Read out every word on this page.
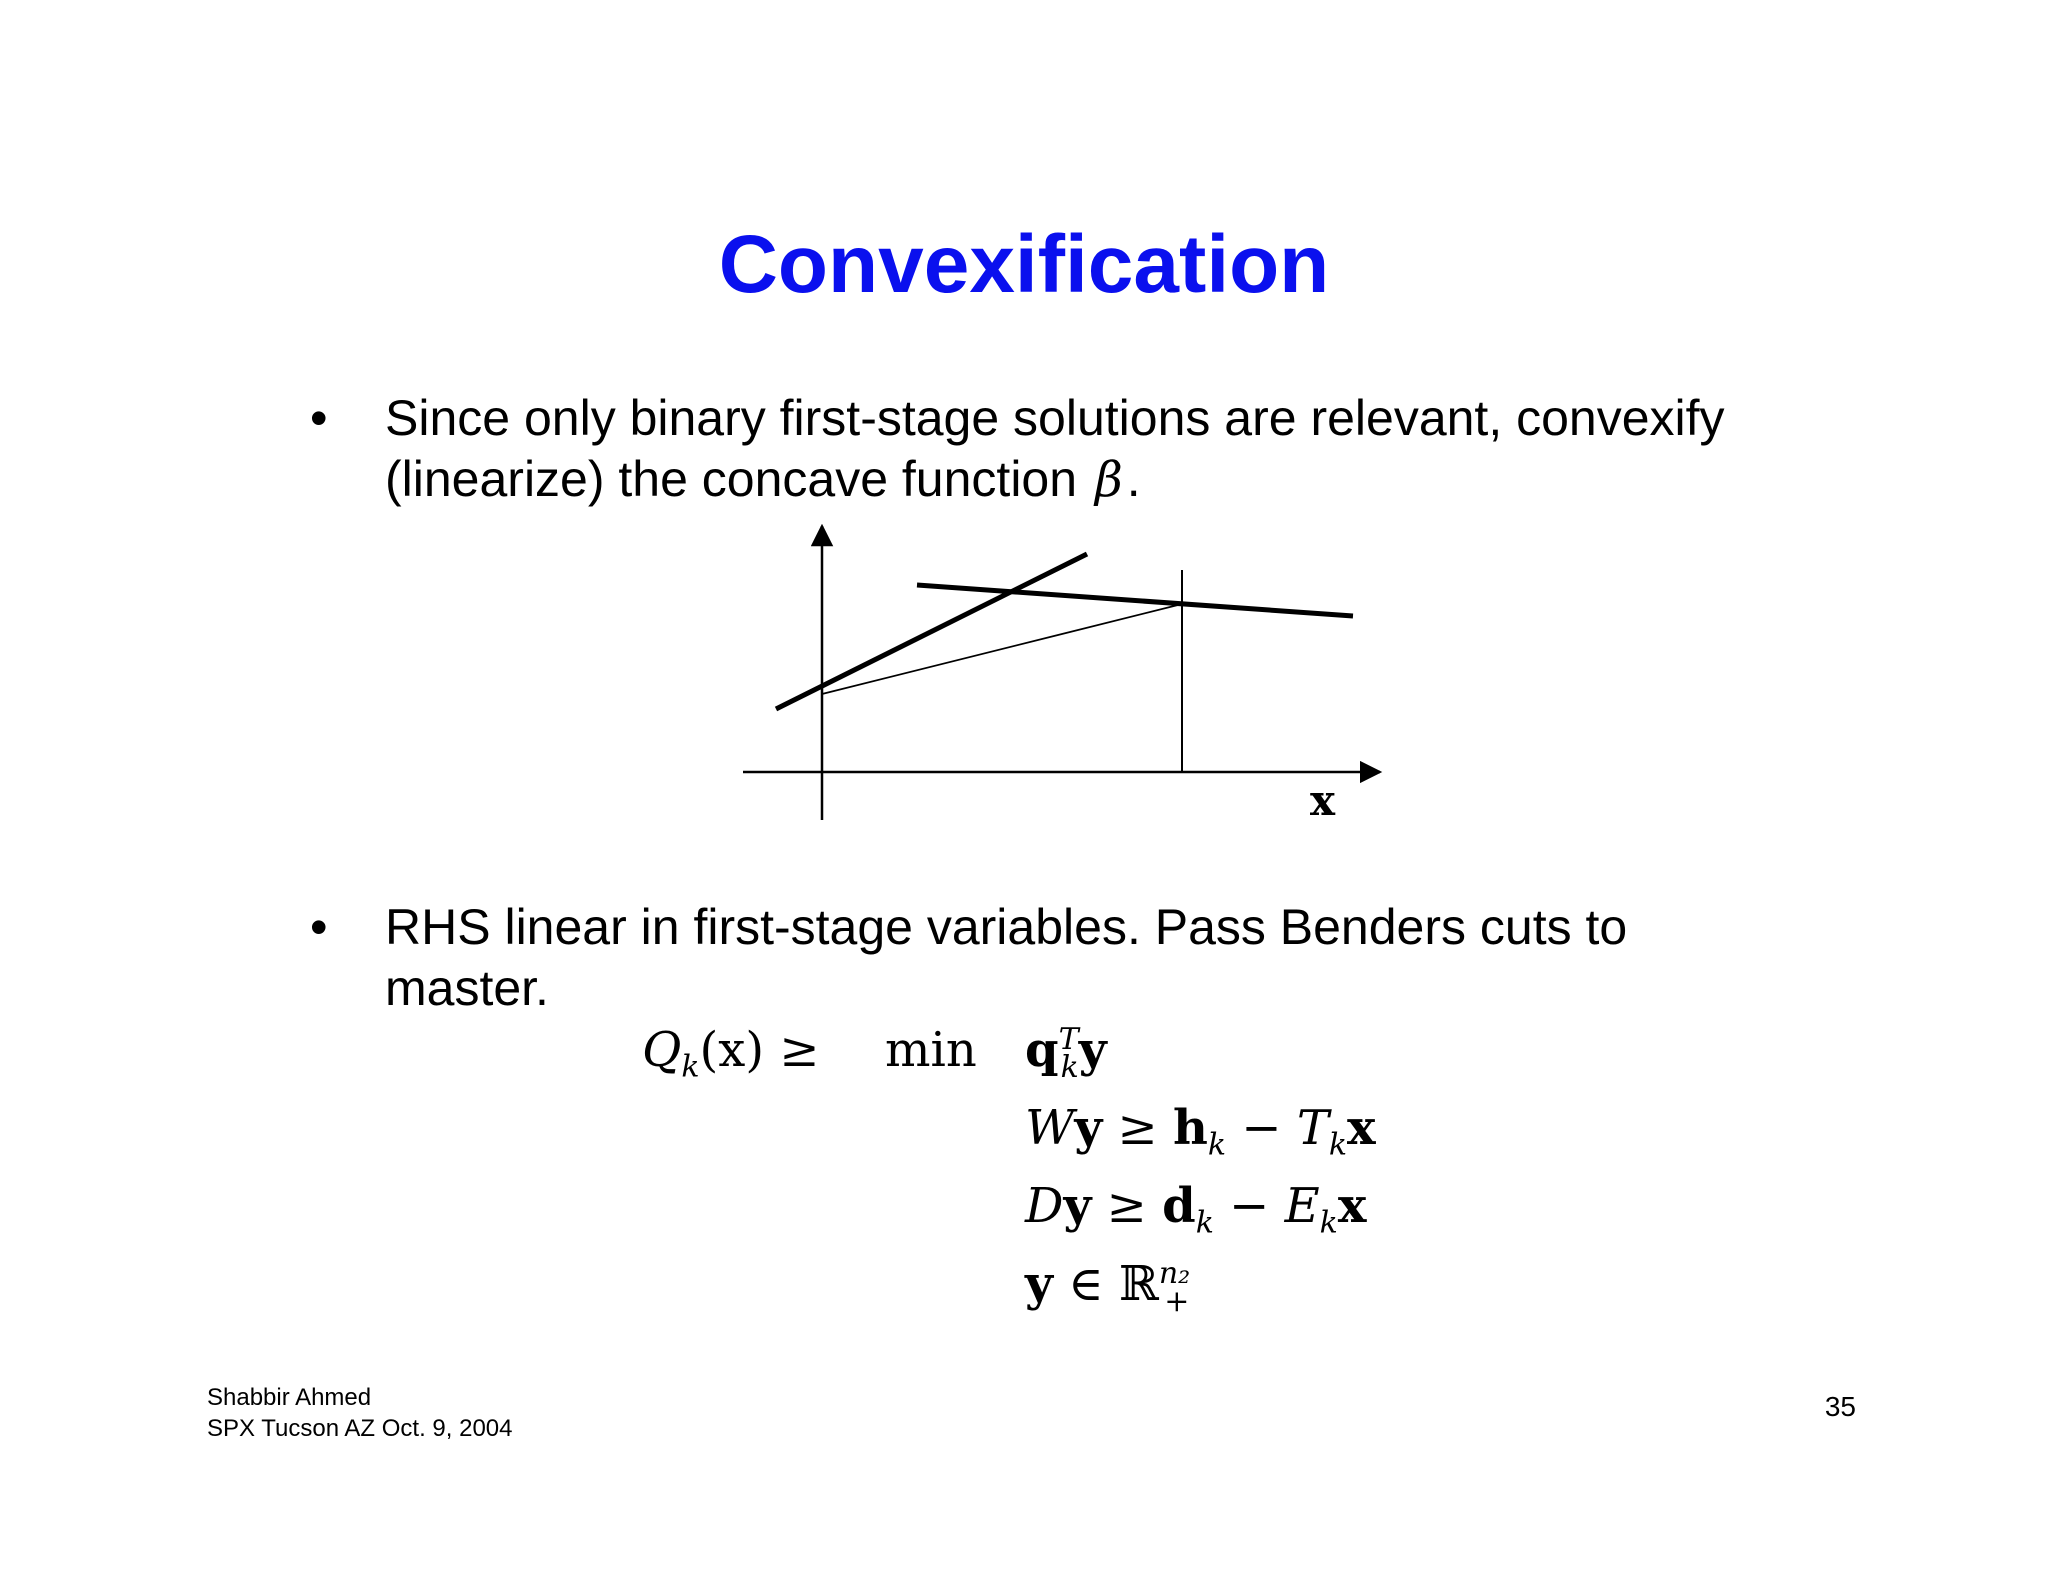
Convexification
• Since only binary first-stage solutions are relevant, convexify (linearize) the concave function β.
x
• RHS linear in first-stage variables. Pass Benders cuts to master.
$Q_k(x) \ge \min q^T_ky$
$Wy \ge h_k - T_kx$
$Dy \ge d_k - E_kx$
y ∈ ℝ$^{n_2}_+$
Shabbir Ahmed
SPX Tucson AZ Oct. 9, 2004
35
